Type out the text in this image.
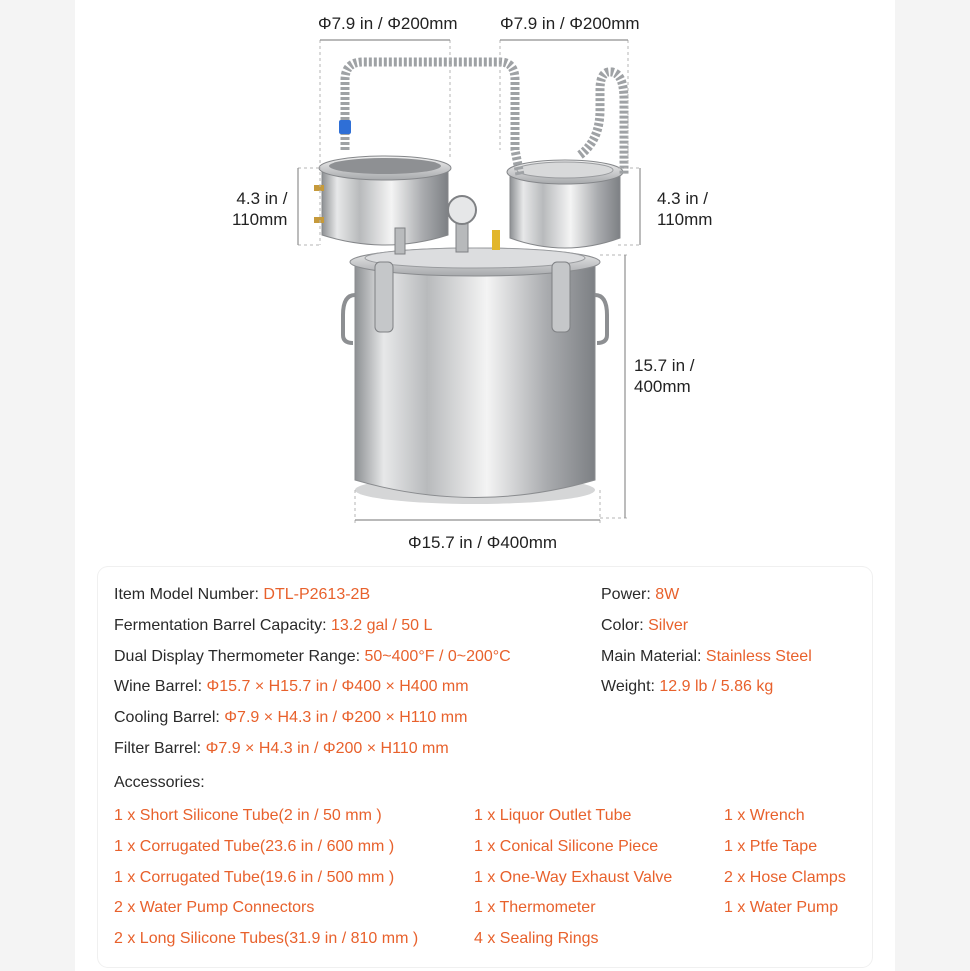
Φ7.9 in / Φ200mm Φ7.9 in / Φ200mm
4.3 in /
110mm
4.3 in /
110mm
15.7 in /
400mm
Φ15.7 in / Φ400mm
Item Model Number: DTL-P2613-2B
Fermentation Barrel Capacity: 13.2 gal / 50 L
Dual Display Thermometer Range: 50~400°F / 0~200°C
Wine Barrel: Φ15.7 × H15.7 in / Φ400 × H400 mm
Cooling Barrel: Φ7.9 × H4.3 in / Φ200 × H110 mm
Filter Barrel: Φ7.9 × H4.3 in / Φ200 × H110 mm
Power: 8W
Color: Silver
Main Material: Stainless Steel
Weight: 12.9 lb / 5.86 kg
Accessories:
1 x Short Silicone Tube(2 in / 50 mm )
1 x Corrugated Tube(23.6 in / 600 mm )
1 x Corrugated Tube(19.6 in / 500 mm )
2 x Water Pump Connectors
2 x Long Silicone Tubes(31.9 in / 810 mm )
1 x Liquor Outlet Tube
1 x Conical Silicone Piece
1 x One-Way Exhaust Valve
1 x Thermometer
4 x Sealing Rings
1 x Wrench
1 x Ptfe Tape
2 x Hose Clamps
1 x Water Pump
